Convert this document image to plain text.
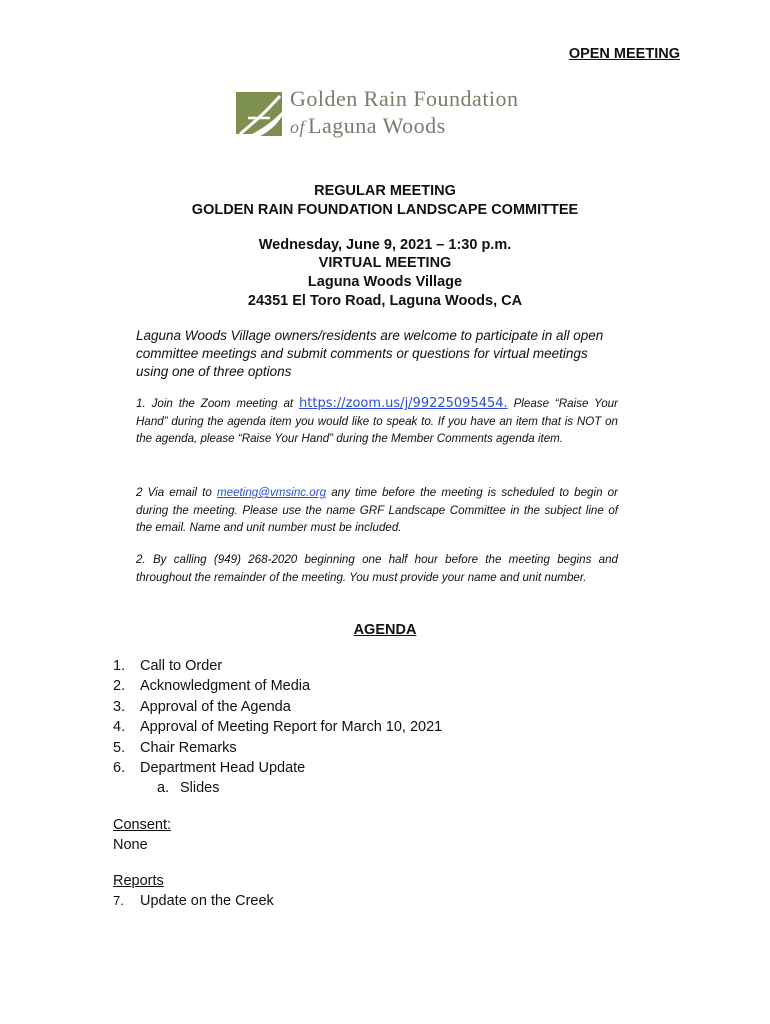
OPEN MEETING
Golden Rain Foundation
of Laguna Woods
REGULAR MEETING
GOLDEN RAIN FOUNDATION LANDSCAPE COMMITTEE
Wednesday, June 9, 2021 – 1:30 p.m.
VIRTUAL MEETING
Laguna Woods Village
24351 El Toro Road, Laguna Woods, CA
Laguna Woods Village owners/residents are welcome to participate in all open committee meetings and submit comments or questions for virtual meetings using one of three options
1. Join the Zoom meeting at https://zoom.us/j/99225095454. Please “Raise Your Hand” during the agenda item you would like to speak to. If you have an item that is NOT on the agenda, please “Raise Your Hand” during the Member Comments agenda item.
2 Via email to meeting@vmsinc.org any time before the meeting is scheduled to begin or during the meeting. Please use the name GRF Landscape Committee in the subject line of the email. Name and unit number must be included.
2. By calling (949) 268-2020 beginning one half hour before the meeting begins and throughout the remainder of the meeting. You must provide your name and unit number.
AGENDA
1. Call to Order
2. Acknowledgment of Media
3. Approval of the Agenda
4. Approval of Meeting Report for March 10, 2021
5. Chair Remarks
6. Department Head Update
a. Slides
Consent:
None
Reports
7. Update on the Creek
